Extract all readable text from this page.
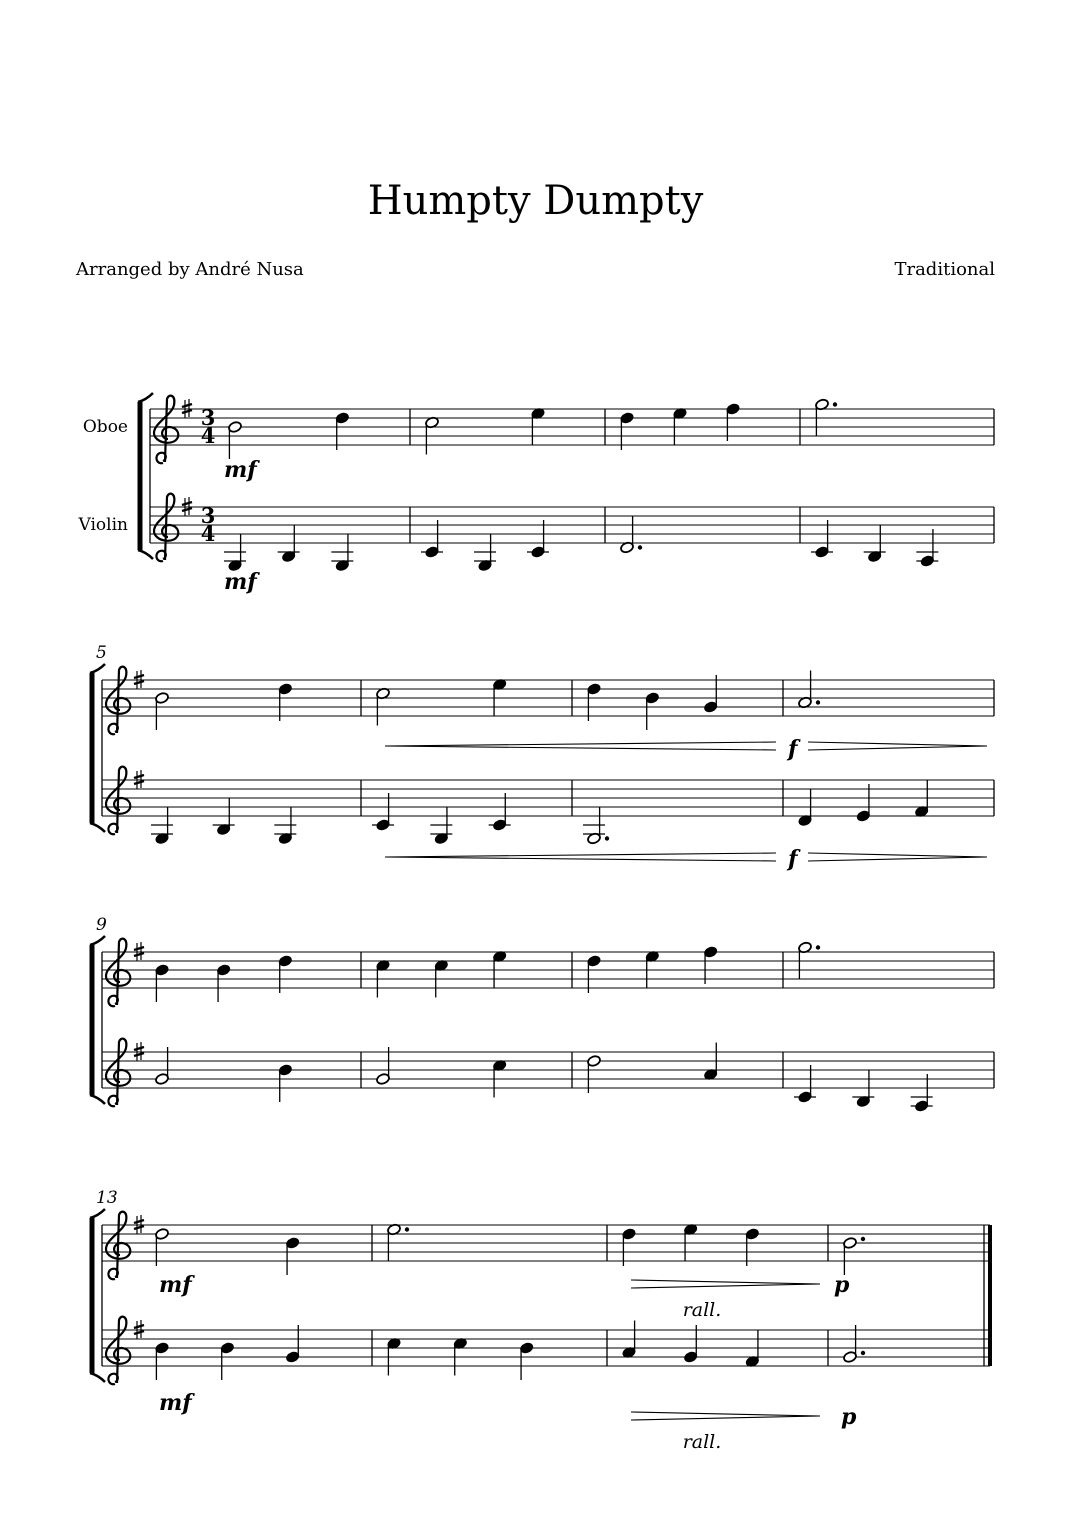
Humpty Dumpty
Arranged by André Nusa	Traditional
Oboe
Violin
3
4
3
4
5
9
13
mf
mf
f
f
mf
mf
p
p
rall.
rall.
